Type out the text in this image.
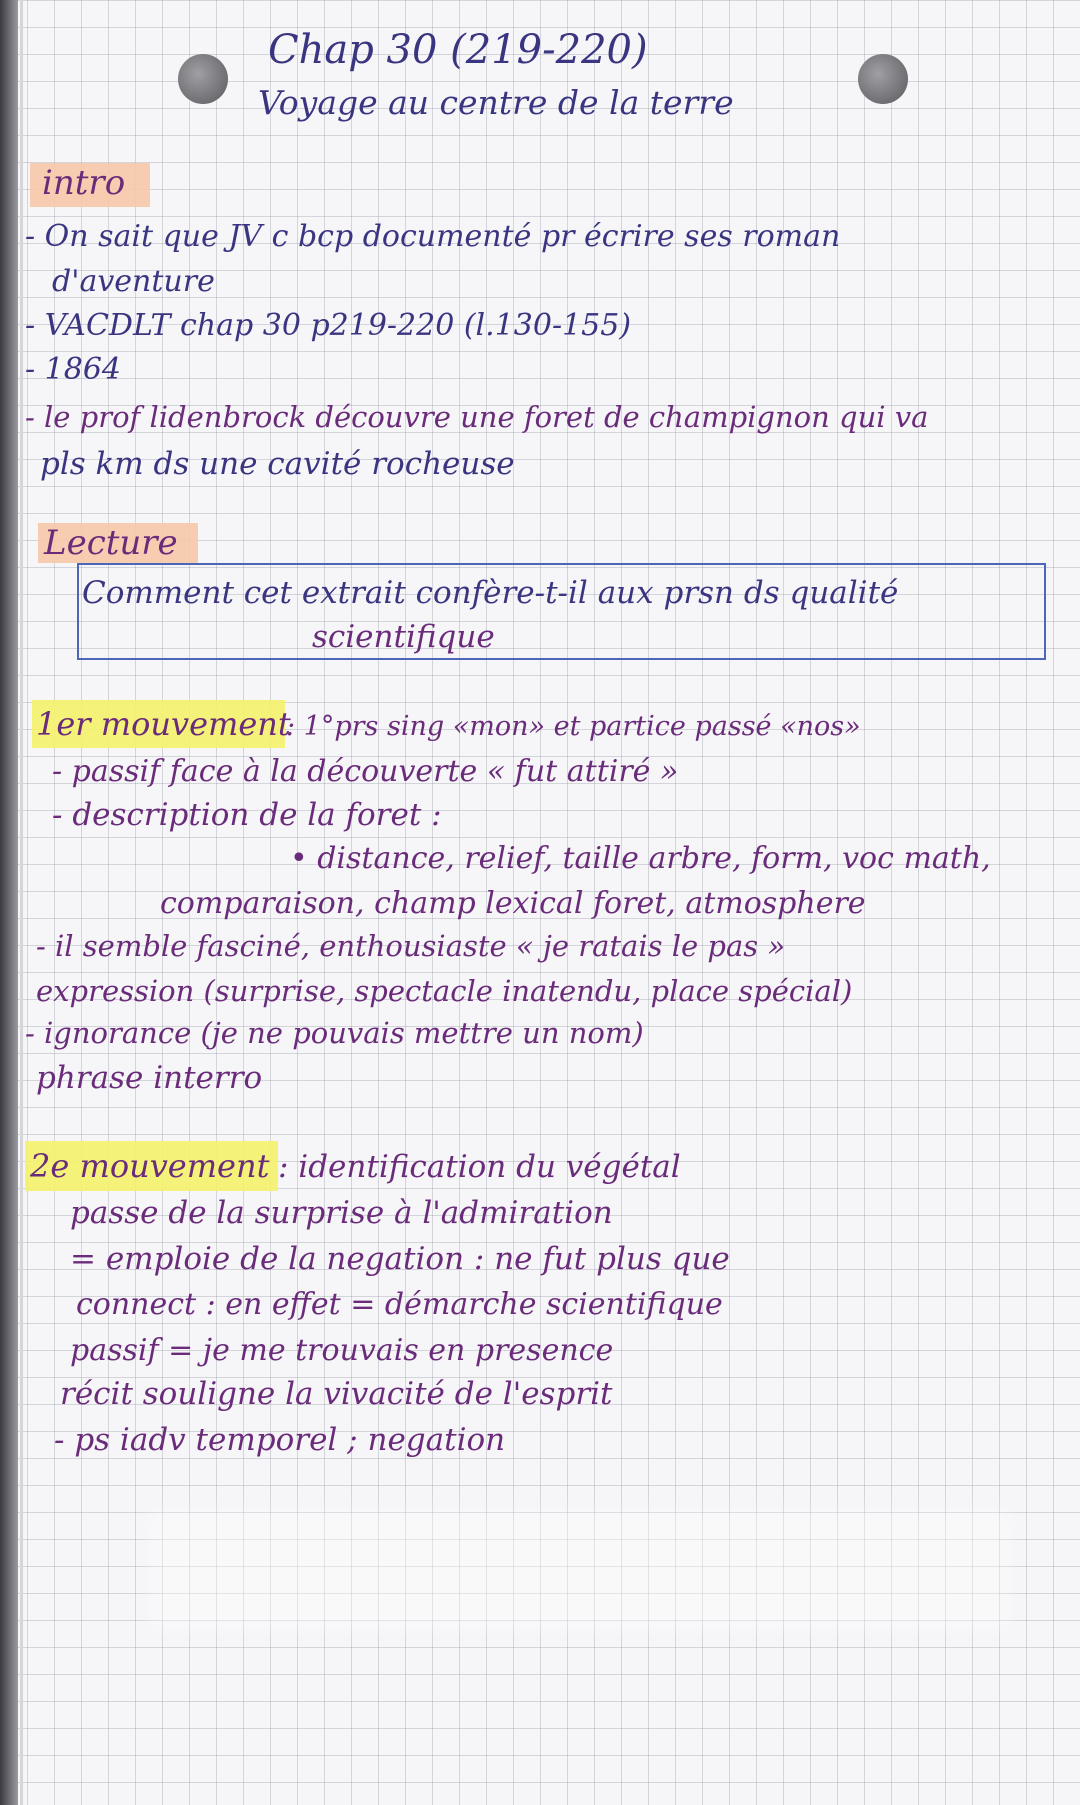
Chap 30 (219-220)
Voyage au centre de la terre
intro
- On sait que JV c bcp documenté pr écrire ses roman
d'aventure
- VACDLT chap 30 p219-220 (l.130-155)
- 1864
- le prof lidenbrock découvre une foret de champignon qui va
pls km ds une cavité rocheuse
Lecture
Comment cet extrait confère-t-il aux prsn ds qualité
scientifique
1er mouvement
: 1°prs sing «mon» et partice passé «nos»
- passif face à la découverte « fut attiré »
- description de la foret :
• distance, relief, taille arbre, form, voc math,
comparaison, champ lexical foret, atmosphere
- il semble fasciné, enthousiaste « je ratais le pas »
expression (surprise, spectacle inatendu, place spécial)
- ignorance (je ne pouvais mettre un nom)
phrase interro
2e mouvement : identification du végétal
passe de la surprise à l'admiration
= emploie de la negation : ne fut plus que
connect : en effet = démarche scientifique
passif = je me trouvais en presence
récit souligne la vivacité de l'esprit
- ps iadv temporel ; negation
